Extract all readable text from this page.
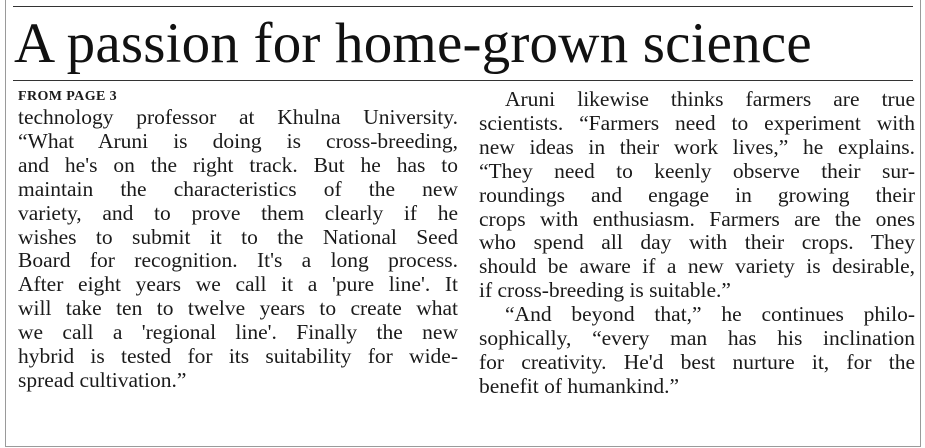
A passion for home-grown science
FROM PAGE 3
technology professor at Khulna University.
“What Aruni is doing is cross-breeding,
and he's on the right track. But he has to
maintain the characteristics of the new
variety, and to prove them clearly if he
wishes to submit it to the National Seed
Board for recognition. It's a long process.
After eight years we call it a 'pure line'. It
will take ten to twelve years to create what
we call a 'regional line'. Finally the new
hybrid is tested for its suitability for wide-
spread cultivation.”
Aruni likewise thinks farmers are true
scientists. “Farmers need to experiment with
new ideas in their work lives,” he explains.
“They need to keenly observe their sur-
roundings and engage in growing their
crops with enthusiasm. Farmers are the ones
who spend all day with their crops. They
should be aware if a new variety is desirable,
if cross-breeding is suitable.”
“And beyond that,” he continues philo-
sophically, “every man has his inclination
for creativity. He'd best nurture it, for the
benefit of humankind.”
